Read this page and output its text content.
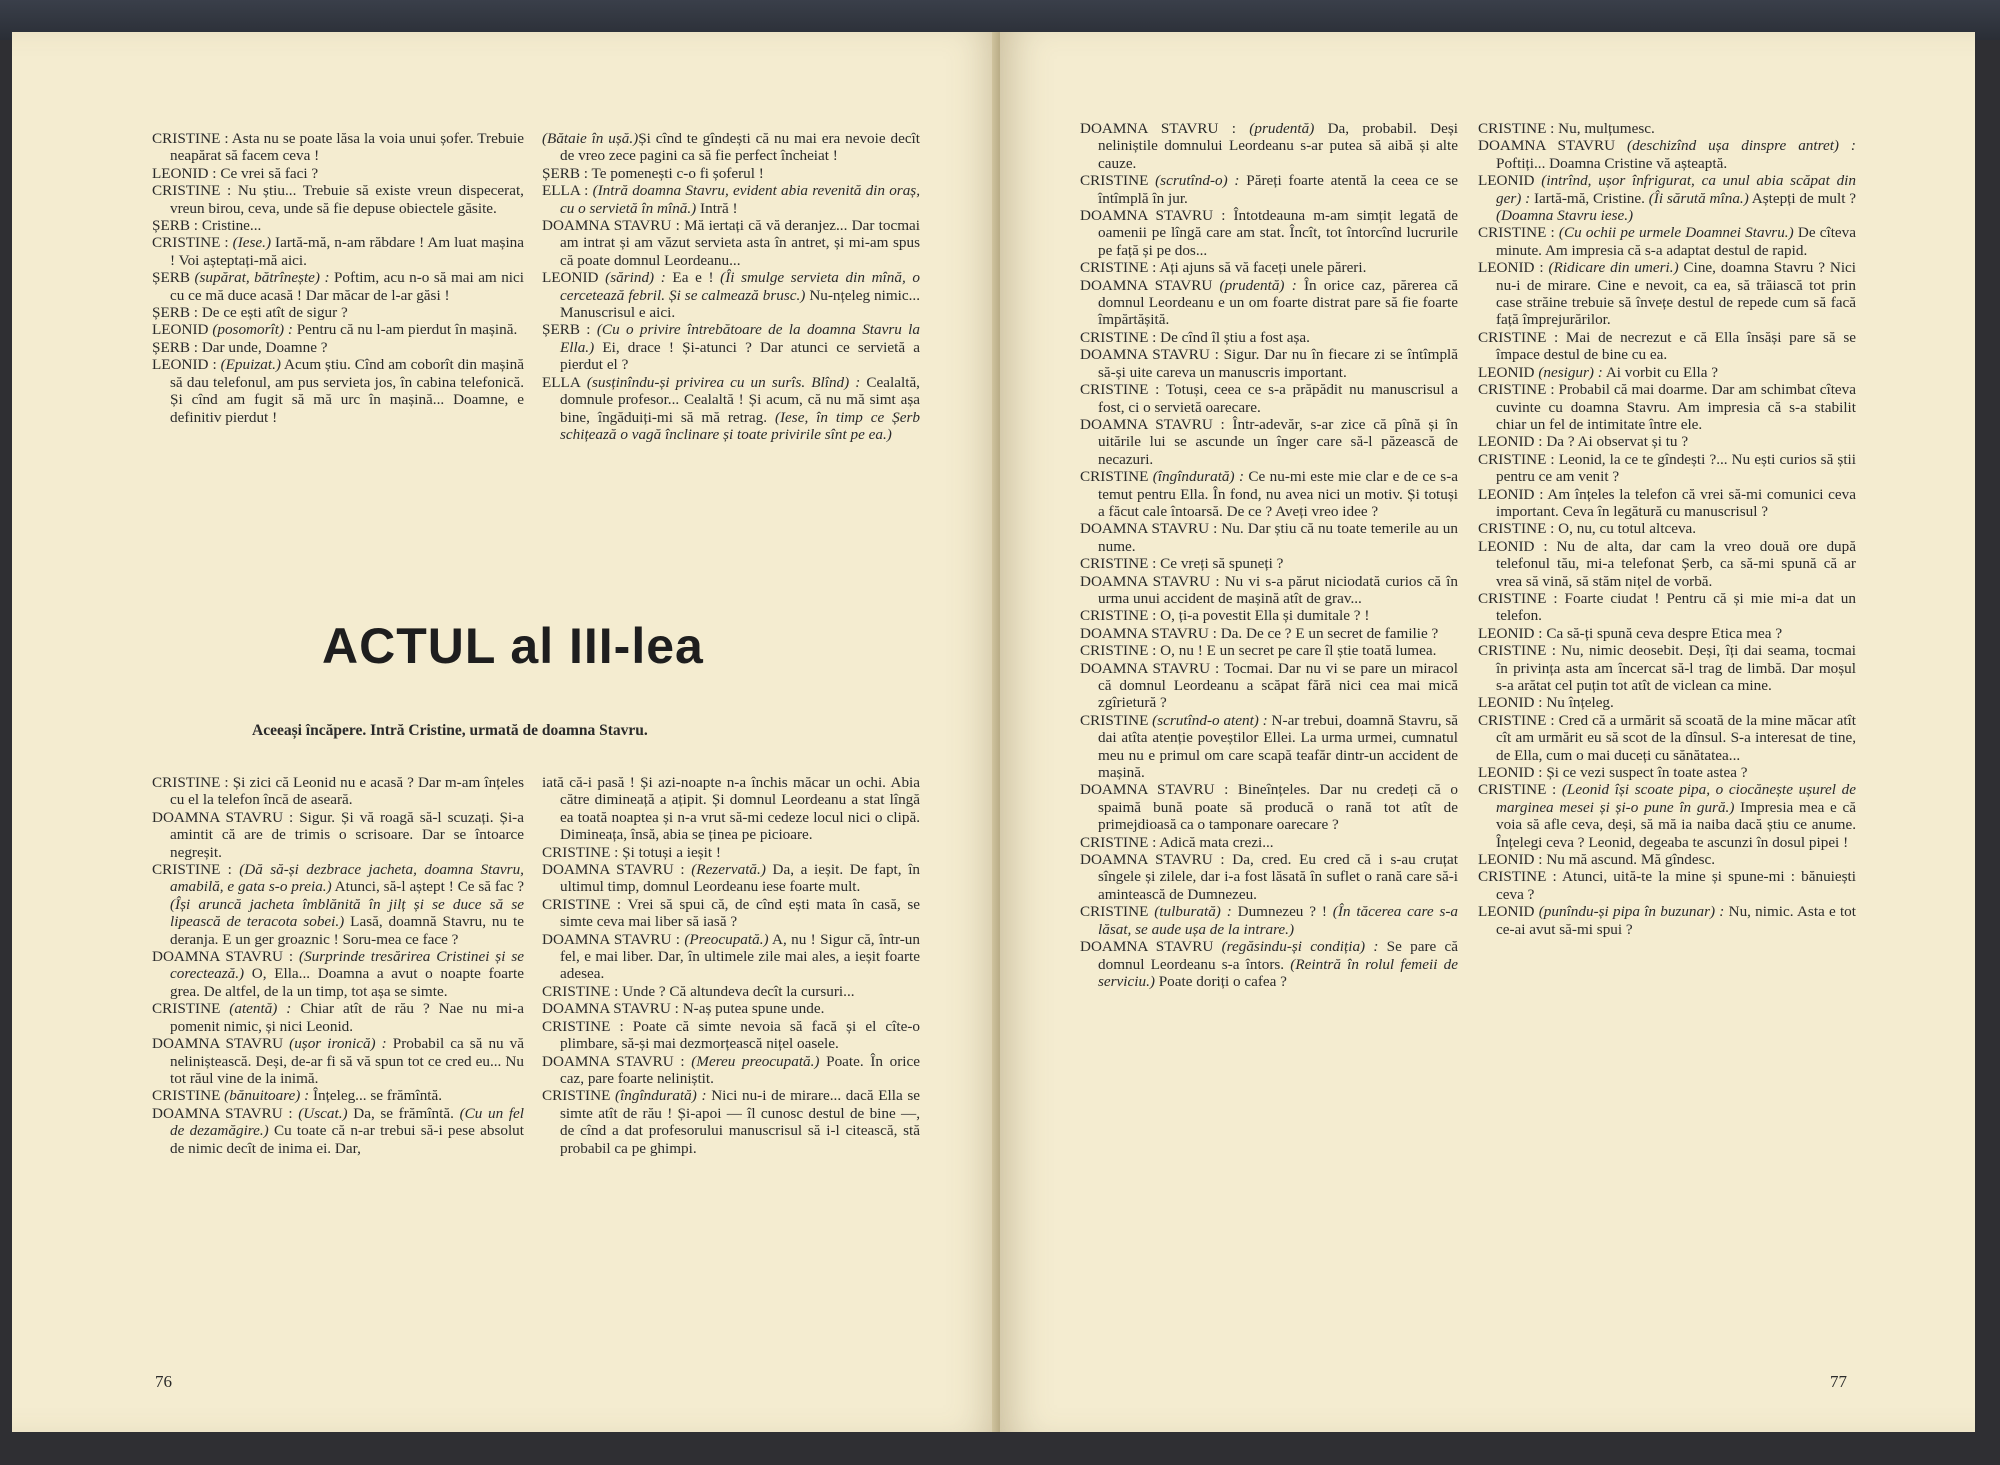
CRISTINE : Asta nu se poate lăsa la voia unui șofer. Trebuie neapărat să facem ceva !

LEONID : Ce vrei să faci ?

CRISTINE : Nu știu... Trebuie să existe vreun dispecerat, vreun birou, ceva, unde să fie depuse obiectele găsite.

ȘERB : Cristine...

CRISTINE : (Iese.) Iartă-mă, n-am răbdare ! Am luat mașina ! Voi așteptați-mă aici.

ȘERB (supărat, bătrînește) : Poftim, acu n-o să mai am nici cu ce mă duce acasă ! Dar măcar de l-ar găsi !

ȘERB : De ce ești atît de sigur ?

LEONID (posomorît) : Pentru că nu l-am pierdut în mașină.

ȘERB : Dar unde, Doamne ?

LEONID : (Epuizat.) Acum știu. Cînd am coborît din mașină să dau telefonul, am pus servieta jos, în cabina telefonică. Și cînd am fugit să mă urc în mașină... Doamne, e definitiv pierdut !

(Bătaie în ușă.)Și cînd te gîndești că nu mai era nevoie decît de vreo zece pagini ca să fie perfect încheiat !

ȘERB : Te pomenești c-o fi șoferul !

ELLA : (Intră doamna Stavru, evident abia revenită din oraș, cu o servietă în mînă.) Intră !

DOAMNA STAVRU : Mă iertați că vă deranjez... Dar tocmai am intrat și am văzut servieta asta în antret, și mi-am spus că poate domnul Leordeanu...

LEONID (sărind) : Ea e ! (Îi smulge servieta din mînă, o cercetează febril. Și se calmează brusc.) Nu-nțeleg nimic... Manuscrisul e aici.

ȘERB : (Cu o privire întrebătoare de la doamna Stavru la Ella.) Ei, drace ! Și-atunci ? Dar atunci ce servietă a pierdut el ?

ELLA (susținîndu-și privirea cu un surîs. Blînd) : Cealaltă, domnule profesor... Cealaltă ! Și acum, că nu mă simt așa bine, îngăduiți-mi să mă retrag. (Iese, în timp ce Șerb schițează o vagă înclinare și toate privirile sînt pe ea.)

ACTUL al III-lea
Aceeași încăpere. Intră Cristine, urmată de doamna Stavru.

CRISTINE : Și zici că Leonid nu e acasă ? Dar m-am înțeles cu el la telefon încă de aseară.

DOAMNA STAVRU : Sigur. Și vă roagă să-l scuzați. Și-a amintit că are de trimis o scrisoare. Dar se întoarce negreșit.

CRISTINE : (Dă să-și dezbrace jacheta, doamna Stavru, amabilă, e gata s-o preia.) Atunci, să-l aștept ! Ce să fac ? (Își aruncă jacheta îmblănită în jilț și se duce să se lipească de teracota sobei.) Lasă, doamnă Stavru, nu te deranja. E un ger groaznic ! Soru-mea ce face ?

DOAMNA STAVRU : (Surprinde tresărirea Cristinei și se corectează.) O, Ella... Doamna a avut o noapte foarte grea. De altfel, de la un timp, tot așa se simte.

CRISTINE (atentă) : Chiar atît de rău ? Nae nu mi-a pomenit nimic, și nici Leonid.

DOAMNA STAVRU (ușor ironică) : Probabil ca să nu vă neliniștească. Deși, de-ar fi să vă spun tot ce cred eu... Nu tot răul vine de la inimă.

CRISTINE (bănuitoare) : Înțeleg... se frămîntă.

DOAMNA STAVRU : (Uscat.) Da, se frămîntă. (Cu un fel de dezamăgire.) Cu toate că n-ar trebui să-i pese absolut de nimic decît de inima ei. Dar,

iată că-i pasă ! Și azi-noapte n-a închis măcar un ochi. Abia către dimineață a ațipit. Și domnul Leordeanu a stat lîngă ea toată noaptea și n-a vrut să-mi cedeze locul nici o clipă. Dimineața, însă, abia se ținea pe picioare.

CRISTINE : Și totuși a ieșit !

DOAMNA STAVRU : (Rezervată.) Da, a ieșit. De fapt, în ultimul timp, domnul Leordeanu iese foarte mult.

CRISTINE : Vrei să spui că, de cînd ești mata în casă, se simte ceva mai liber să iasă ?

DOAMNA STAVRU : (Preocupată.) A, nu ! Sigur că, într-un fel, e mai liber. Dar, în ultimele zile mai ales, a ieșit foarte adesea.

CRISTINE : Unde ? Că altundeva decît la cursuri...

DOAMNA STAVRU : N-aș putea spune unde.

CRISTINE : Poate că simte nevoia să facă și el cîte-o plimbare, să-și mai dezmorțească nițel oasele.

DOAMNA STAVRU : (Mereu preocupată.) Poate. În orice caz, pare foarte neliniștit.

CRISTINE (îngîndurată) : Nici nu-i de mirare... dacă Ella se simte atît de rău ! Și-apoi — îl cunosc destul de bine —, de cînd a dat profesorului manuscrisul să i-l citească, stă probabil ca pe ghimpi.

76

DOAMNA STAVRU : (prudentă) Da, probabil. Deși neliniștile domnului Leordeanu s-ar putea să aibă și alte cauze.

CRISTINE (scrutînd-o) : Păreți foarte atentă la ceea ce se întîmplă în jur.

DOAMNA STAVRU : Întotdeauna m-am simțit legată de oamenii pe lîngă care am stat. Încît, tot întorcînd lucrurile pe față și pe dos...

CRISTINE : Ați ajuns să vă faceți unele păreri.

DOAMNA STAVRU (prudentă) : În orice caz, părerea că domnul Leordeanu e un om foarte distrat pare să fie foarte împărtășită.

CRISTINE : De cînd îl știu a fost așa.

DOAMNA STAVRU : Sigur. Dar nu în fiecare zi se întîmplă să-și uite careva un manuscris important.

CRISTINE : Totuși, ceea ce s-a prăpădit nu manuscrisul a fost, ci o servietă oarecare.

DOAMNA STAVRU : Într-adevăr, s-ar zice că pînă și în uitările lui se ascunde un înger care să-l păzească de necazuri.

CRISTINE (îngîndurată) : Ce nu-mi este mie clar e de ce s-a temut pentru Ella. În fond, nu avea nici un motiv. Și totuși a făcut cale întoarsă. De ce ? Aveți vreo idee ?

DOAMNA STAVRU : Nu. Dar știu că nu toate temerile au un nume.

CRISTINE : Ce vreți să spuneți ?

DOAMNA STAVRU : Nu vi s-a părut niciodată curios că în urma unui accident de mașină atît de grav...

CRISTINE : O, ți-a povestit Ella și dumitale ? !

DOAMNA STAVRU : Da. De ce ? E un secret de familie ?

CRISTINE : O, nu ! E un secret pe care îl știe toată lumea.

DOAMNA STAVRU : Tocmai. Dar nu vi se pare un miracol că domnul Leordeanu a scăpat fără nici cea mai mică zgîrietură ?

CRISTINE (scrutînd-o atent) : N-ar trebui, doamnă Stavru, să dai atîta atenție poveștilor Ellei. La urma urmei, cumnatul meu nu e primul om care scapă teafăr dintr-un accident de mașină.

DOAMNA STAVRU : Bineînțeles. Dar nu credeți că o spaimă bună poate să producă o rană tot atît de primejdioasă ca o tamponare oarecare ?

CRISTINE : Adică mata crezi...

DOAMNA STAVRU : Da, cred. Eu cred că i s-au cruțat sîngele și zilele, dar i-a fost lăsată în suflet o rană care să-i amintească de Dumnezeu.

CRISTINE (tulburată) : Dumnezeu ? ! (În tăcerea care s-a lăsat, se aude ușa de la intrare.)

DOAMNA STAVRU (regăsindu-și condiția) : Se pare că domnul Leordeanu s-a întors. (Reintră în rolul femeii de serviciu.) Poate doriți o cafea ?

CRISTINE : Nu, mulțumesc.

DOAMNA STAVRU (deschizînd ușa dinspre antret) : Poftiți... Doamna Cristine vă așteaptă.

LEONID (intrînd, ușor înfrigurat, ca unul abia scăpat din ger) : Iartă-mă, Cristine. (Îi sărută mîna.) Aștepți de mult ? (Doamna Stavru iese.)

CRISTINE : (Cu ochii pe urmele Doamnei Stavru.) De cîteva minute. Am impresia că s-a adaptat destul de rapid.

LEONID : (Ridicare din umeri.) Cine, doamna Stavru ? Nici nu-i de mirare. Cine e nevoit, ca ea, să trăiască tot prin case străine trebuie să învețe destul de repede cum să facă față împrejurărilor.

CRISTINE : Mai de necrezut e că Ella însăși pare să se împace destul de bine cu ea.

LEONID (nesigur) : Ai vorbit cu Ella ?

CRISTINE : Probabil că mai doarme. Dar am schimbat cîteva cuvinte cu doamna Stavru. Am impresia că s-a stabilit chiar un fel de intimitate între ele.

LEONID : Da ? Ai observat și tu ?

CRISTINE : Leonid, la ce te gîndești ?... Nu ești curios să știi pentru ce am venit ?

LEONID : Am înțeles la telefon că vrei să-mi comunici ceva important. Ceva în legătură cu manuscrisul ?

CRISTINE : O, nu, cu totul altceva.

LEONID : Nu de alta, dar cam la vreo două ore după telefonul tău, mi-a telefonat Șerb, ca să-mi spună că ar vrea să vină, să stăm nițel de vorbă.

CRISTINE : Foarte ciudat ! Pentru că și mie mi-a dat un telefon.

LEONID : Ca să-ți spună ceva despre Etica mea ?

CRISTINE : Nu, nimic deosebit. Deși, îți dai seama, tocmai în privința asta am încercat să-l trag de limbă. Dar moșul s-a arătat cel puțin tot atît de viclean ca mine.

LEONID : Nu înțeleg.

CRISTINE : Cred că a urmărit să scoată de la mine măcar atît cît am urmărit eu să scot de la dînsul. S-a interesat de tine, de Ella, cum o mai duceți cu sănătatea...

LEONID : Și ce vezi suspect în toate astea ?

CRISTINE : (Leonid își scoate pipa, o ciocănește ușurel de marginea mesei și și-o pune în gură.) Impresia mea e că voia să afle ceva, deși, să mă ia naiba dacă știu ce anume. Înțelegi ceva ? Leonid, degeaba te ascunzi în dosul pipei !

LEONID : Nu mă ascund. Mă gîndesc.

CRISTINE : Atunci, uită-te la mine și spune-mi : bănuiești ceva ?

LEONID (punîndu-și pipa în buzunar) : Nu, nimic. Asta e tot ce-ai avut să-mi spui ?

77
